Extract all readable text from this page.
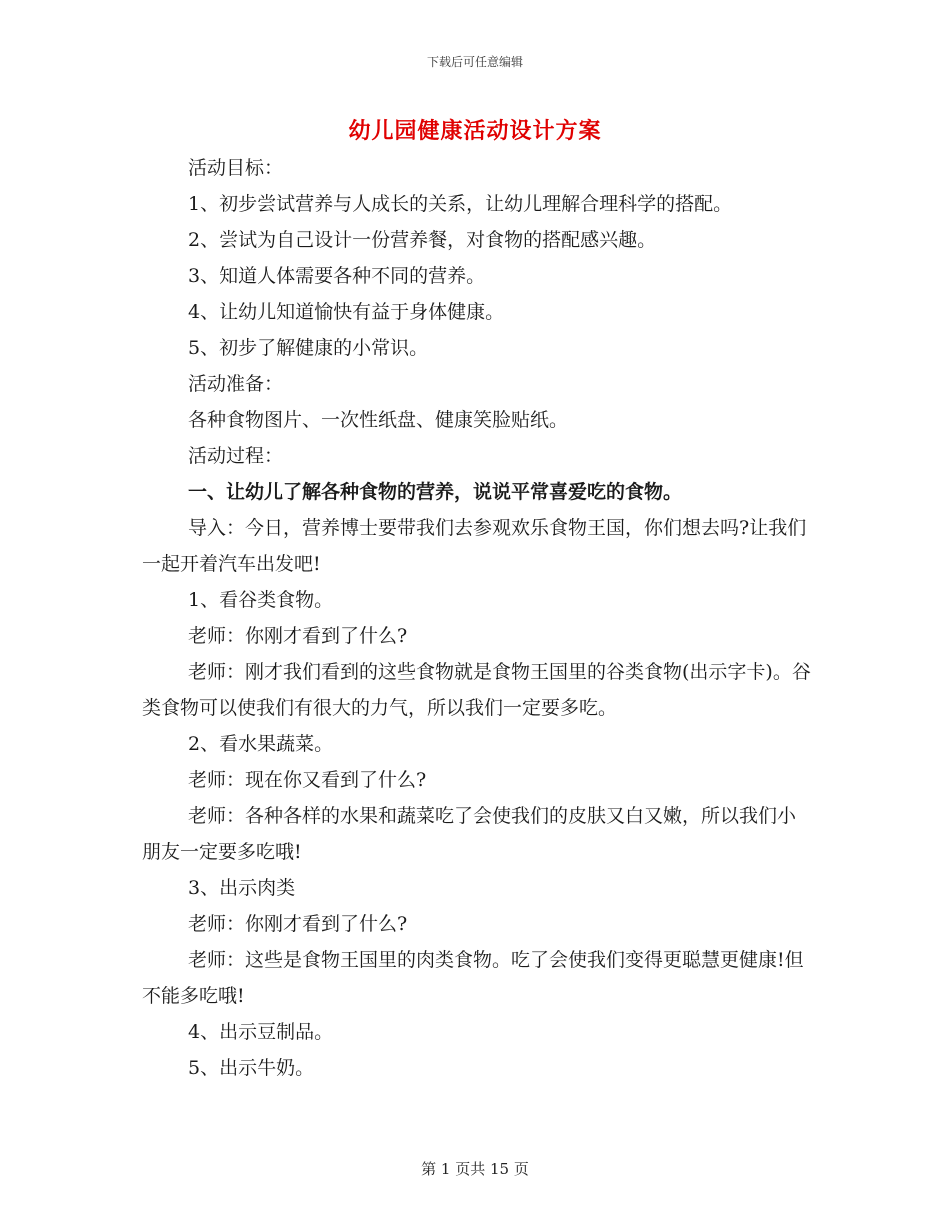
下载后可任意编辑
幼儿园健康活动设计方案

活动目标：

1、初步尝试营养与人成长的关系，让幼儿理解合理科学的搭配。

2、尝试为自己设计一份营养餐，对食物的搭配感兴趣。

3、知道人体需要各种不同的营养。

4、让幼儿知道愉快有益于身体健康。

5、初步了解健康的小常识。

活动准备：

各种食物图片、一次性纸盘、健康笑脸贴纸。

活动过程：

一、让幼儿了解各种食物的营养，说说平常喜爱吃的食物。

导入：今日，营养博士要带我们去参观欢乐食物王国，你们想去吗?让我们一起开着汽车出发吧!

1、看谷类食物。

老师：你刚才看到了什么?

老师：刚才我们看到的这些食物就是食物王国里的谷类食物(出示字卡)。谷类食物可以使我们有很大的力气，所以我们一定要多吃。

2、看水果蔬菜。

老师：现在你又看到了什么?

老师：各种各样的水果和蔬菜吃了会使我们的皮肤又白又嫩，所以我们小朋友一定要多吃哦!

3、出示肉类

老师：你刚才看到了什么?

老师：这些是食物王国里的肉类食物。吃了会使我们变得更聪慧更健康!但不能多吃哦!

4、出示豆制品。

5、出示牛奶。

第 1 页共 15 页
